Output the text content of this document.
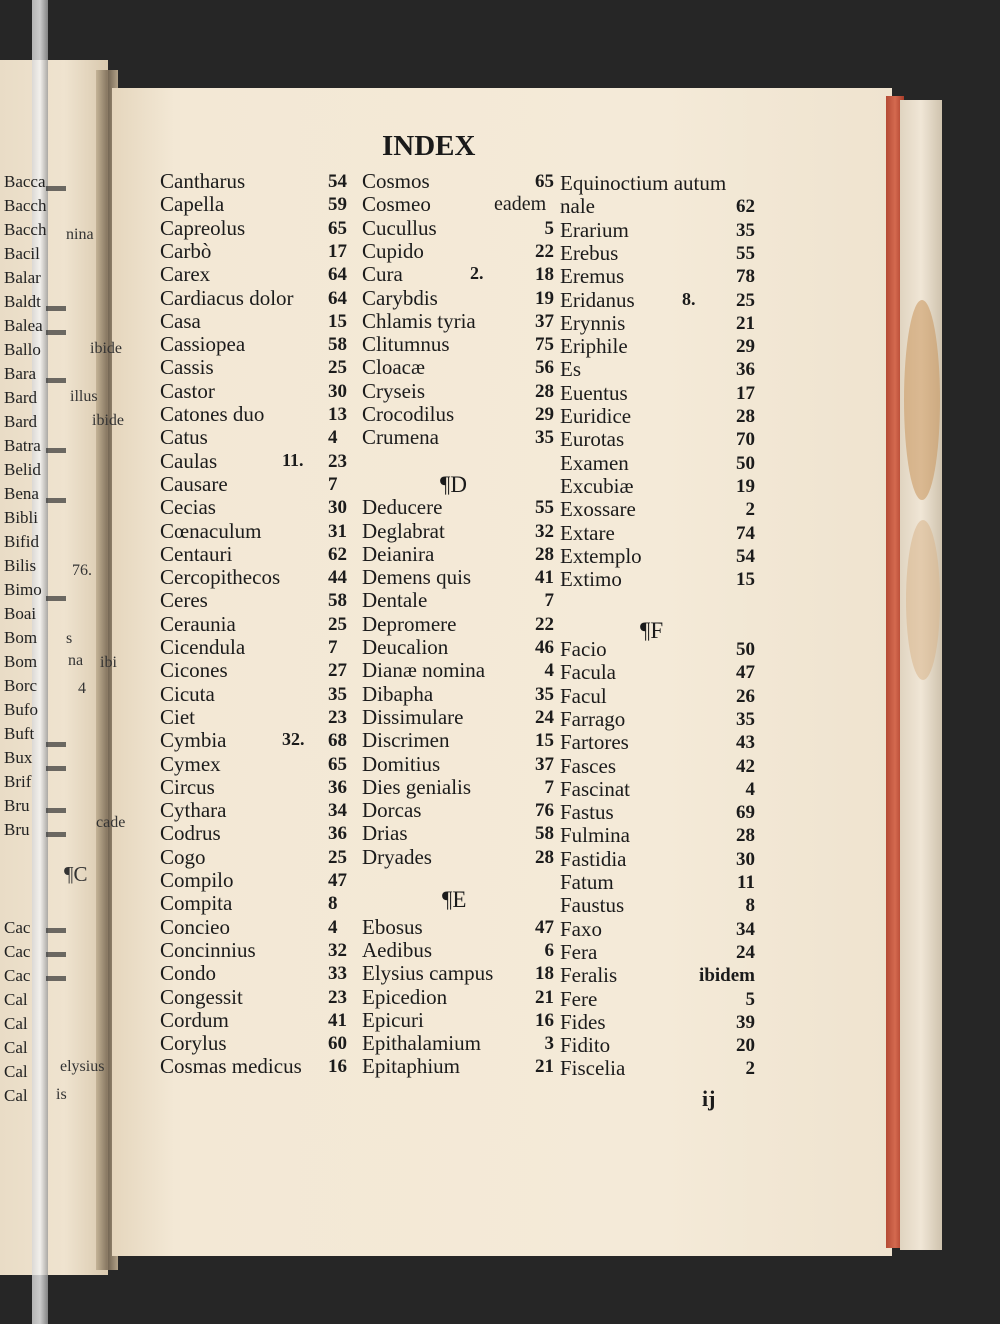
Bacca
Bacch
Bacch
Bacil
Balar
Baldt
Balea
Ballo
Bara
Bard
Bard
Batra
Belid
Bena
Bibli
Bifid
Bilis
Bimo
Boai
Bom
Bom
Borc
Bufo
Buft
Bux
Brif
Bru
Bru
Cac
Cac
Cac
Cal
Cal
Cal
Cal
Cal
nina
ibide
illus
ibide
76.
s
na
4
ibi
cade
elysius
is
¶C
INDEX
Cantharus	54
Capella	59
Capreolus	65
Carbò	17
Carex	64
Cardiacus dolor 64
Casa	15
Cassiopea	58
Cassis	25
Castor	30
Catones duo	13
Catus	4
Caulas	23
11.
Causare	7
Cecias	30
Cœnaculum	31
Centauri	62
Cercopithecos	44
Ceres	58
Ceraunia	25
Cicendula	7
Cicones	27
Cicuta	35
Ciet	23
Cymbia	68
32.
Cymex	65
Circus	36
Cythara	34
Codrus	36
Cogo	25
Compilo	47
Compita	8
Concieo	4
Concinnius	32
Condo	33
Congessit	23
Cordum	41
Corylus	60
Cosmas medicus 16
Cosmos	65
Cosmeo	eadem
Cucullus	5
Cupido	22
Cura	18
2.
Carybdis	19
Chlamis tyria	37
Clitumnus	75
Cloacæ	56
Cryseis	28
Crocodilus	29
Crumena	35
Deducere	55
Deglabrat	32
Deianira	28
Demens quis	41
Dentale	7
Depromere	22
Deucalion	46
Dianæ nomina	4
Dibapha	35
Dissimulare	24
Discrimen	15
Domitius	37
Dies genialis	7
Dorcas	76
Drias	58
Dryades	28
Ebosus	47
Aedibus	6
Elysius campus	18
Epicedion	21
Epicuri	16
Epithalamium	3
Epitaphium	21
Equinoctium autum
nale	62
Erarium	35
Erebus	55
Eremus	78
Eridanus	25
8.
Erynnis	21
Eriphile	29
Es	36
Euentus	17
Euridice	28
Eurotas	70
Examen	50
Excubiæ	19
Exossare	2
Extare	74
Extemplo	54
Extimo	15
Facio	50
Facula	47
Facul	26
Farrago	35
Fartores	43
Fasces	42
Fascinat	4
Fastus	69
Fulmina	28
Fastidia	30
Fatum	11
Faustus	8
Faxo	34
Fera	24
Feralis	ibidem
Fere	5
Fides	39
Fidito	20
Fiscelia	2
¶D
¶E
¶F
ij
